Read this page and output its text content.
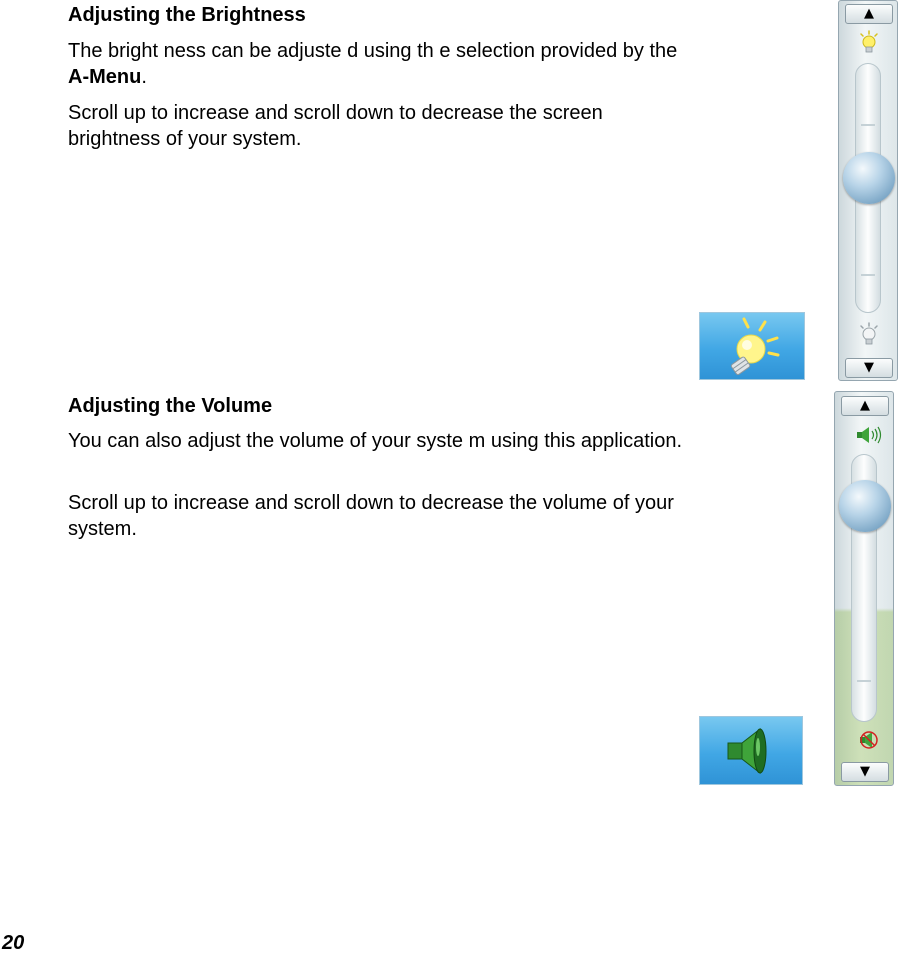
Adjusting the Brightness

The bright ness can be adjuste d using th e selection provided by the A-Menu.

Scroll up to increase and scroll down to decrease the screen brightness of your system.

▲
▼
Adjusting the Volume

You can also adjust the volume of your syste m using this application.

Scroll up to increase and scroll down to decrease the volume of your system.

▲
▼
20
